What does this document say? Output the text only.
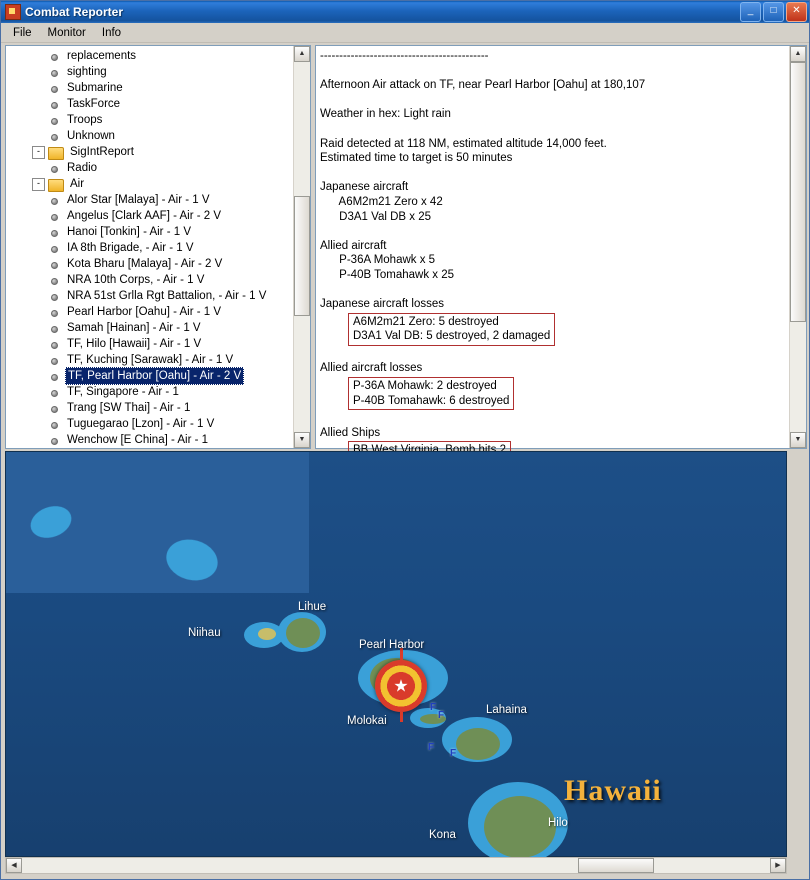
Combat Reporter	_	□	✕
File	Monitor	Info
replacements
sighting
Submarine
TaskForce
Troops
Unknown
-	SigIntReport
Radio
-	Air
Alor Star [Malaya] - Air - 1 V
Angelus [Clark AAF] - Air - 2 V
Hanoi [Tonkin] - Air - 1 V
IA 8th Brigade, - Air - 1 V
Kota Bharu [Malaya] - Air - 2 V
NRA 10th Corps, - Air - 1 V
NRA 51st Grlla Rgt Battalion, - Air - 1 V
Pearl Harbor [Oahu] - Air - 1 V
Samah [Hainan] - Air - 1 V
TF, Hilo [Hawaii] - Air - 1 V
TF, Kuching [Sarawak] - Air - 1 V
TF, Pearl Harbor [Oahu] - Air - 2 V
TF, Singapore - Air - 1
Trang [SW Thai] - Air - 1
Tuguegarao [Lzon] - Air - 1 V
Wenchow [E China] - Air - 1
▲
▼
--------------------------------------------

Afternoon Air attack on TF, near Pearl Harbor [Oahu] at 180,107

Weather in hex: Light rain

Raid detected at 118 NM, estimated altitude 14,000 feet.
Estimated time to target is 50 minutes

Japanese aircraft
A6M2m21 Zero x 42
D3A1 Val DB x 25

Allied aircraft
P-36A Mohawk x 5
P-40B Tomahawk x 25

Japanese aircraft losses
A6M2m21 Zero: 5 destroyed
D3A1 Val DB: 5 destroyed, 2 damaged

Allied aircraft losses
P-36A Mohawk: 2 destroyed
P-40B Tomahawk: 6 destroyed

Allied Ships

▲
▼
★
F
F
F
F
Lihue
Niihau
Pearl Harbor
Lahaina
Molokai
Hilo
Kona
Hawaii
◀	▶
